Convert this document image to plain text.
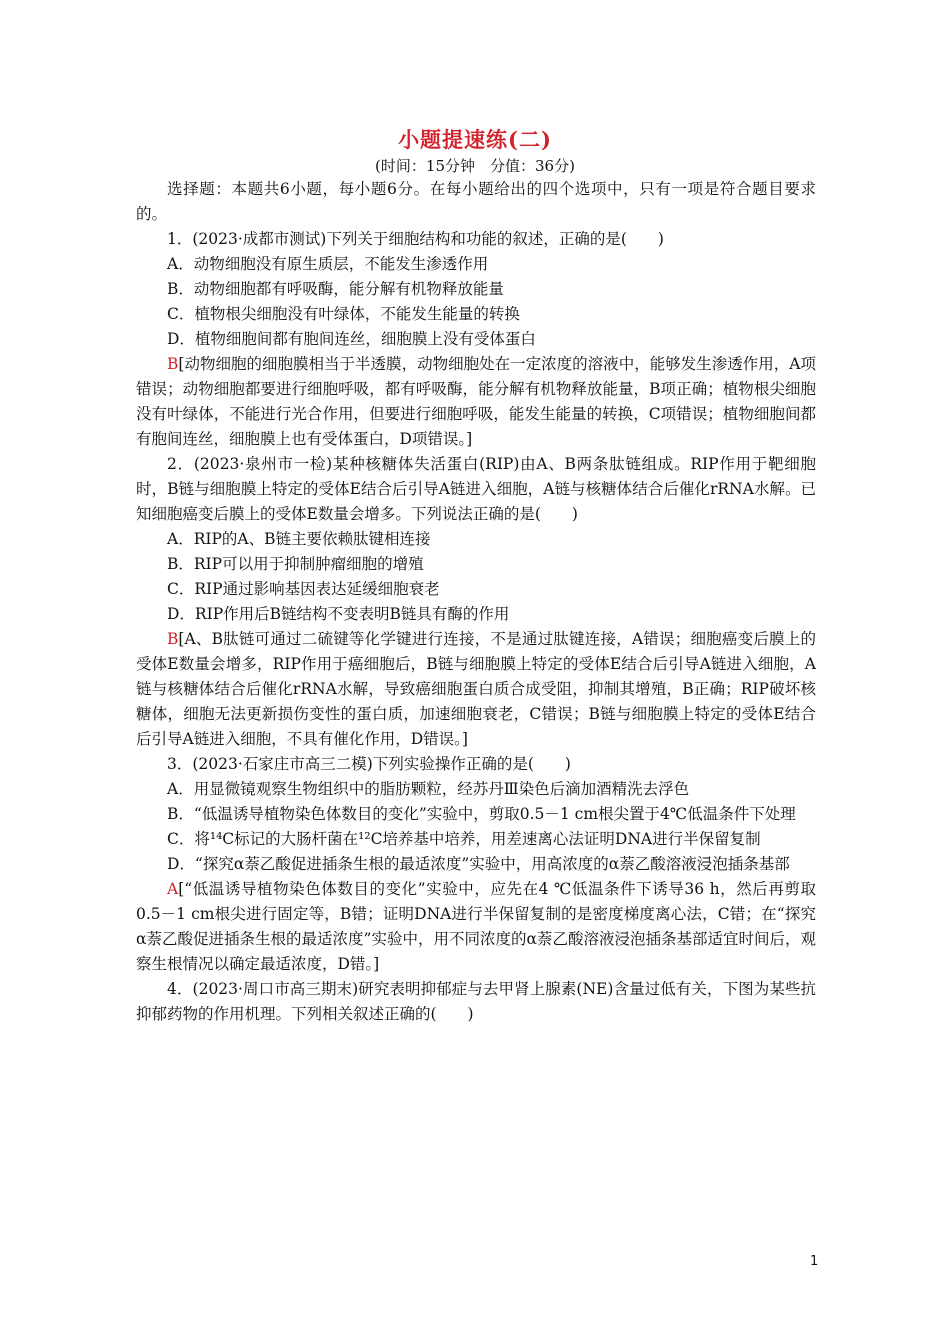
小题提速练(二)
(时间：15分钟　分值：36分)

选择题：本题共6小题，每小题6分。在每小题给出的四个选项中，只有一项是符合题目要求的。

1．(2023·成都市测试)下列关于细胞结构和功能的叙述，正确的是(　　)

A．动物细胞没有原生质层，不能发生渗透作用

B．动物细胞都有呼吸酶，能分解有机物释放能量

C．植物根尖细胞没有叶绿体，不能发生能量的转换

D．植物细胞间都有胞间连丝，细胞膜上没有受体蛋白

B[动物细胞的细胞膜相当于半透膜，动物细胞处在一定浓度的溶液中，能够发生渗透作用，A项错误；动物细胞都要进行细胞呼吸，都有呼吸酶，能分解有机物释放能量，B项正确；植物根尖细胞没有叶绿体，不能进行光合作用，但要进行细胞呼吸，能发生能量的转换，C项错误；植物细胞间都有胞间连丝，细胞膜上也有受体蛋白，D项错误。]

2．(2023·泉州市一检)某种核糖体失活蛋白(RIP)由A、B两条肽链组成。RIP作用于靶细胞时，B链与细胞膜上特定的受体E结合后引导A链进入细胞，A链与核糖体结合后催化rRNA水解。已知细胞癌变后膜上的受体E数量会增多。下列说法正确的是(　　)

A．RIP的A、B链主要依赖肽键相连接

B．RIP可以用于抑制肿瘤细胞的增殖

C．RIP通过影响基因表达延缓细胞衰老

D．RIP作用后B链结构不变表明B链具有酶的作用

B[A、B肽链可通过二硫键等化学键进行连接，不是通过肽键连接，A错误；细胞癌变后膜上的受体E数量会增多，RIP作用于癌细胞后，B链与细胞膜上特定的受体E结合后引导A链进入细胞，A链与核糖体结合后催化rRNA水解，导致癌细胞蛋白质合成受阻，抑制其增殖，B正确；RIP破坏核糖体，细胞无法更新损伤变性的蛋白质，加速细胞衰老，C错误；B链与细胞膜上特定的受体E结合后引导A链进入细胞，不具有催化作用，D错误。]

3．(2023·石家庄市高三二模)下列实验操作正确的是(　　)

A．用显微镜观察生物组织中的脂肪颗粒，经苏丹Ⅲ染色后滴加酒精洗去浮色

B．“低温诱导植物染色体数目的变化”实验中，剪取0.5－1 cm根尖置于4℃低温条件下处理

C．将¹⁴C标记的大肠杆菌在¹²C培养基中培养，用差速离心法证明DNA进行半保留复制

D．“探究α萘乙酸促进插条生根的最适浓度”实验中，用高浓度的α萘乙酸溶液浸泡插条基部

A[“低温诱导植物染色体数目的变化”实验中，应先在4 ℃低温条件下诱导36 h，然后再剪取0.5－1 cm根尖进行固定等，B错；证明DNA进行半保留复制的是密度梯度离心法，C错；在“探究α萘乙酸促进插条生根的最适浓度”实验中，用不同浓度的α萘乙酸溶液浸泡插条基部适宜时间后，观察生根情况以确定最适浓度，D错。]

4．(2023·周口市高三期末)研究表明抑郁症与去甲肾上腺素(NE)含量过低有关，下图为某些抗抑郁药物的作用机理。下列相关叙述正确的(　　)

1
